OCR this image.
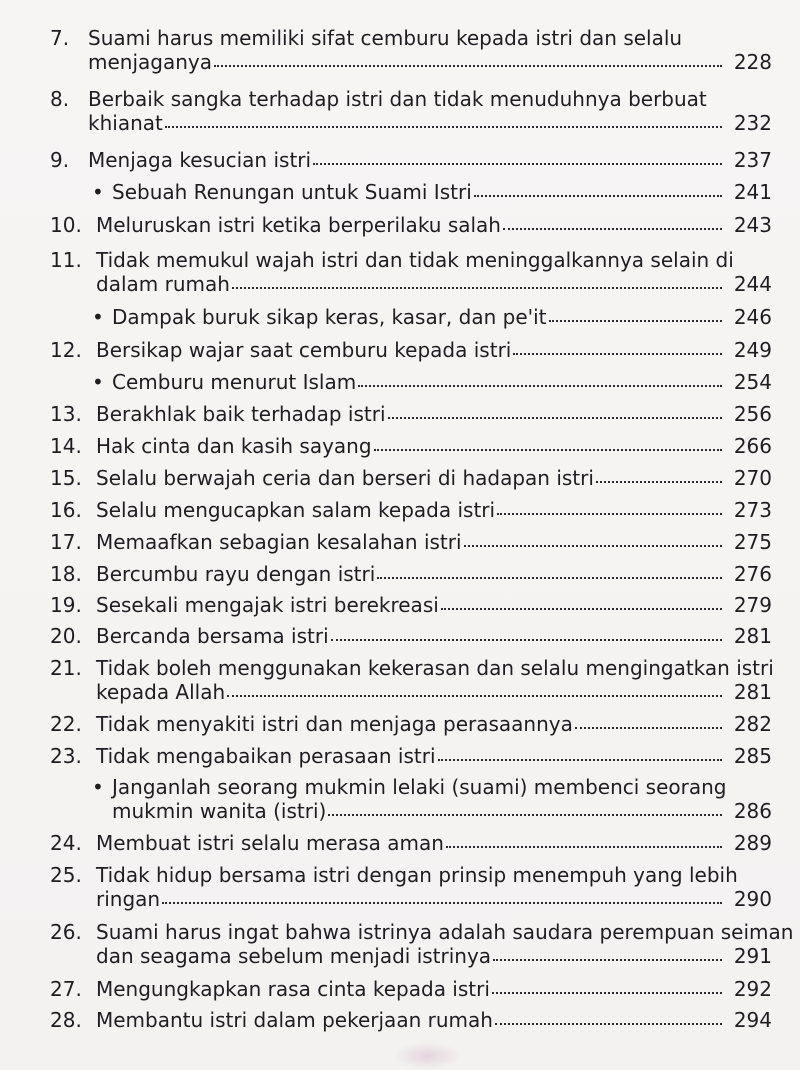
7. Suami harus memiliki sifat cemburu kepada istri dan selalu
menjaganya	228
8. Berbaik sangka terhadap istri dan tidak menuduhnya berbuat
khianat	232
9. Menjaga kesucian istri	237
• Sebuah Renungan untuk Suami Istri	241
10. Meluruskan istri ketika berperilaku salah	243
11. Tidak memukul wajah istri dan tidak meninggalkannya selain di
dalam rumah	244
• Dampak buruk sikap keras, kasar, dan pe'it	246
12. Bersikap wajar saat cemburu kepada istri	249
• Cemburu menurut Islam	254
13. Berakhlak baik terhadap istri	256
14. Hak cinta dan kasih sayang	266
15. Selalu berwajah ceria dan berseri di hadapan istri	270
16. Selalu mengucapkan salam kepada istri	273
17. Memaafkan sebagian kesalahan istri	275
18. Bercumbu rayu dengan istri	276
19. Sesekali mengajak istri berekreasi	279
20. Bercanda bersama istri	281
21. Tidak boleh menggunakan kekerasan dan selalu mengingatkan istri
kepada Allah	281
22. Tidak menyakiti istri dan menjaga perasaannya	282
23. Tidak mengabaikan perasaan istri	285
• Janganlah seorang mukmin lelaki (suami) membenci seorang
mukmin wanita (istri)	286
24. Membuat istri selalu merasa aman	289
25. Tidak hidup bersama istri dengan prinsip menempuh yang lebih
ringan	290
26. Suami harus ingat bahwa istrinya adalah saudara perempuan seiman
dan seagama sebelum menjadi istrinya	291
27. Mengungkapkan rasa cinta kepada istri	292
28. Membantu istri dalam pekerjaan rumah	294
